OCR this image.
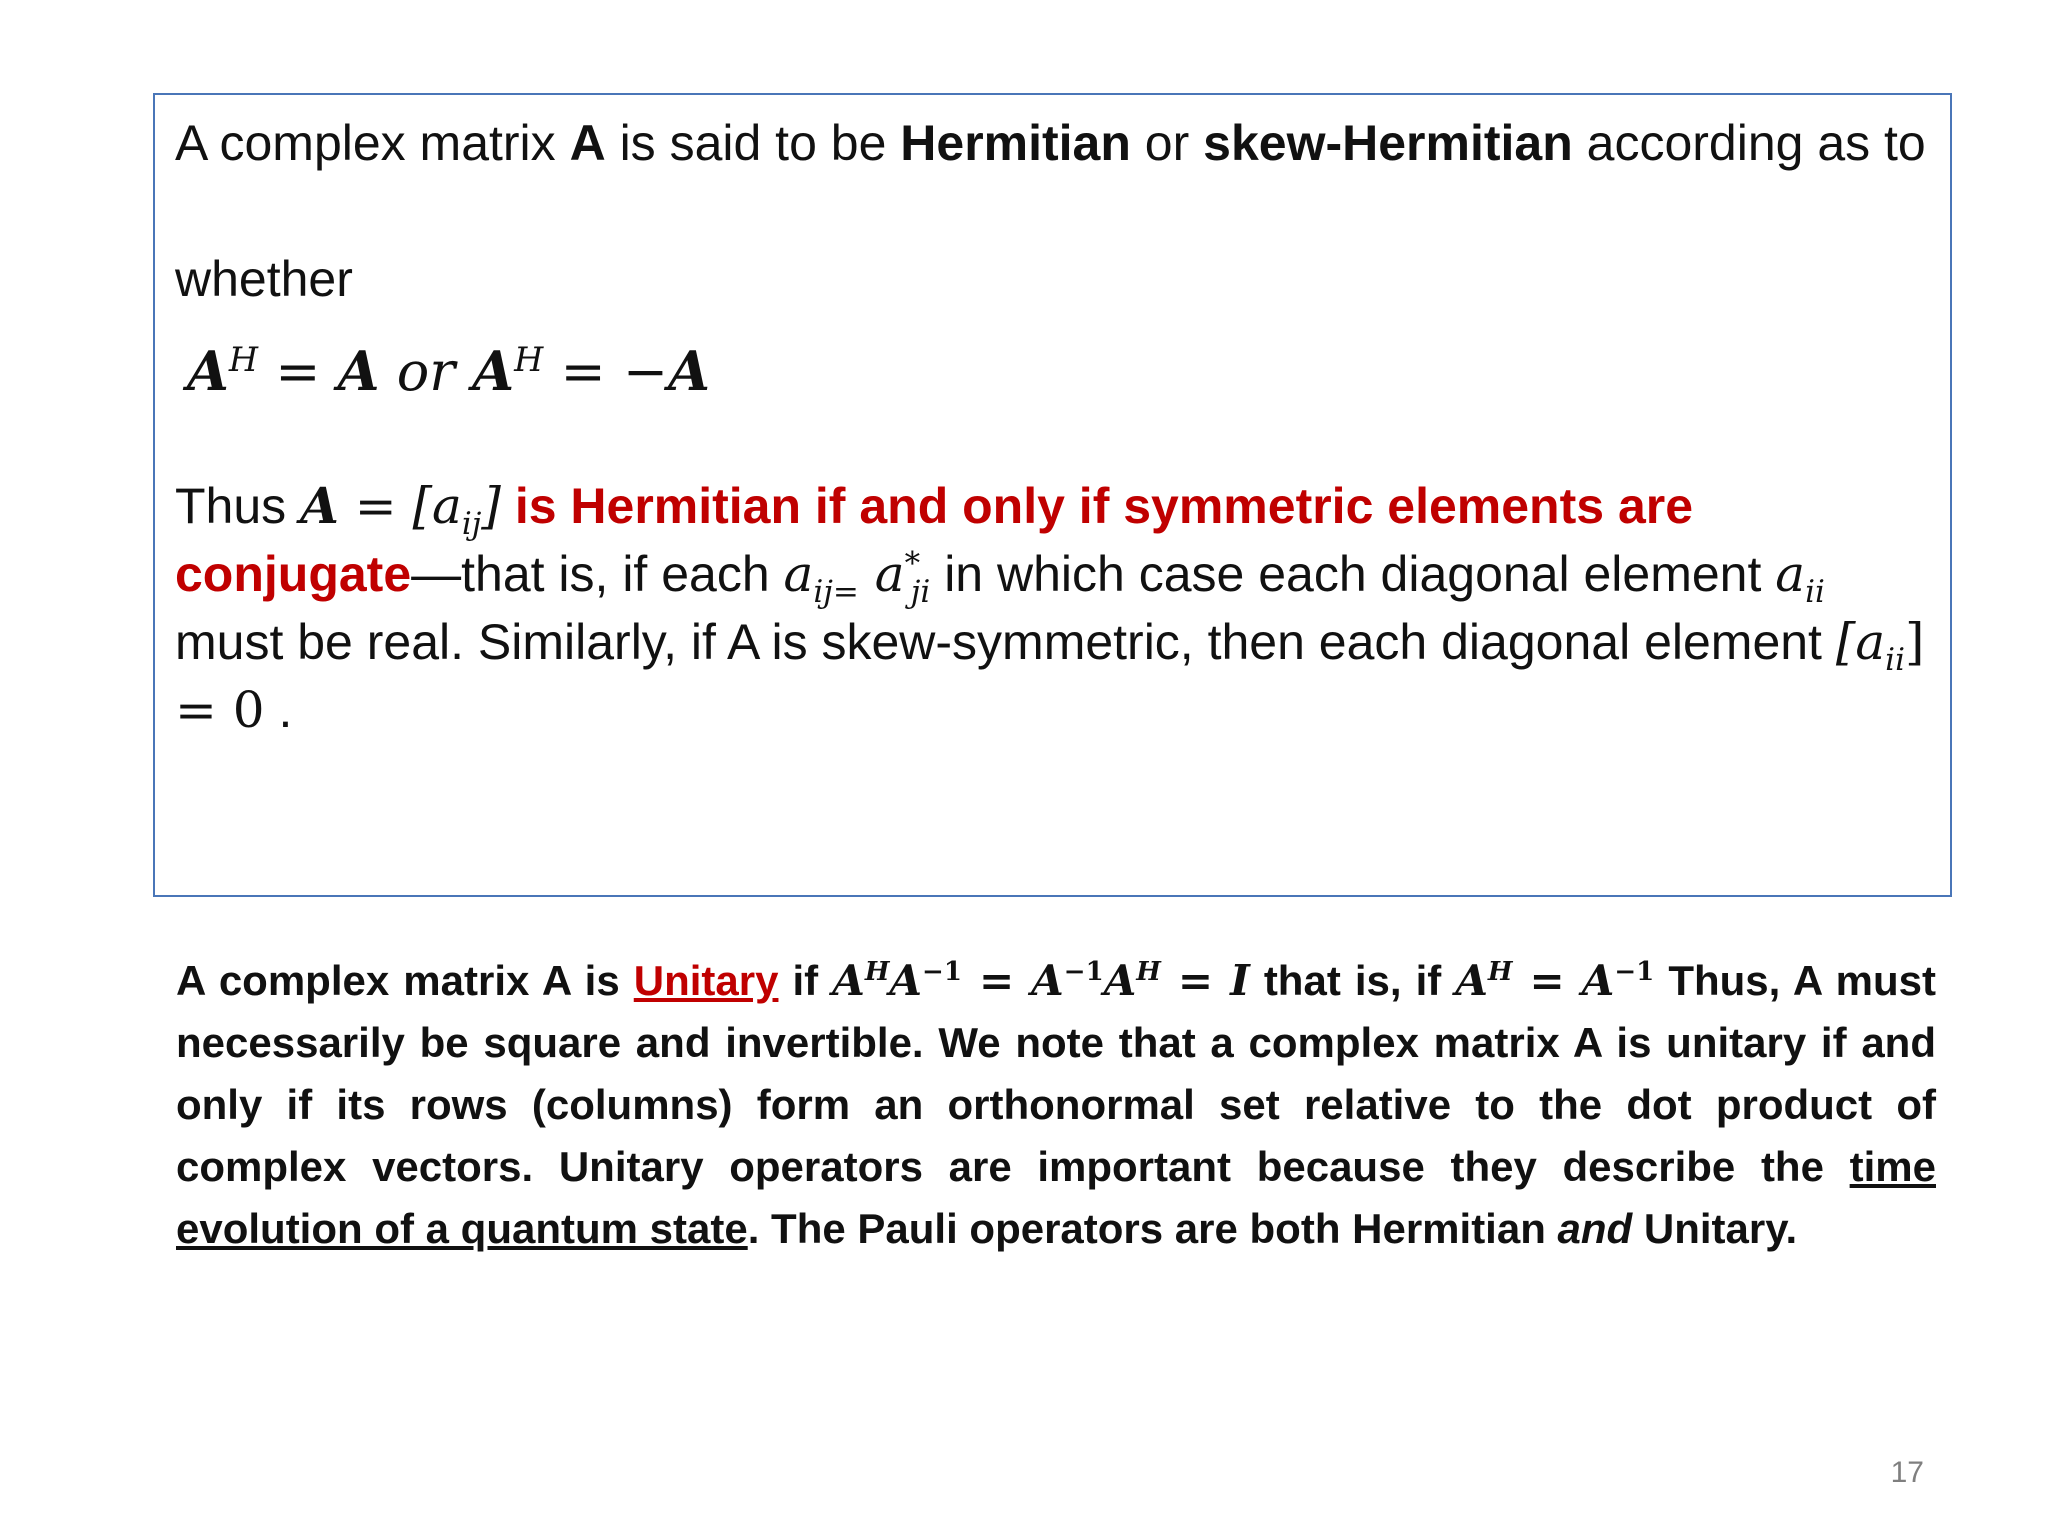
A complex matrix A is said to be Hermitian or skew-Hermitian according as to

whether

$A^H = A$ or $A^H = -A$

Thus $A = [a_{ij}]$ is Hermitian if and only if symmetric elements are conjugate—that is, if each $a_{ij=}$ $a^*_{ji}$ in which case each diagonal element $a_{ii}$ must be real. Similarly, if A is skew-symmetric, then each diagonal element $[a_{ii}] = 0$ .

A complex matrix A is Unitary if $A^HA^{-1} = A^{-1}A^H = I$ that is, if $A^H = A^{-1}$ Thus, A must necessarily be square and invertible. We note that a complex matrix A is unitary if and only if its rows (columns) form an orthonormal set relative to the dot product of complex vectors. Unitary operators are important because they describe the time evolution of a quantum state. The Pauli operators are both Hermitian and Unitary.
17
